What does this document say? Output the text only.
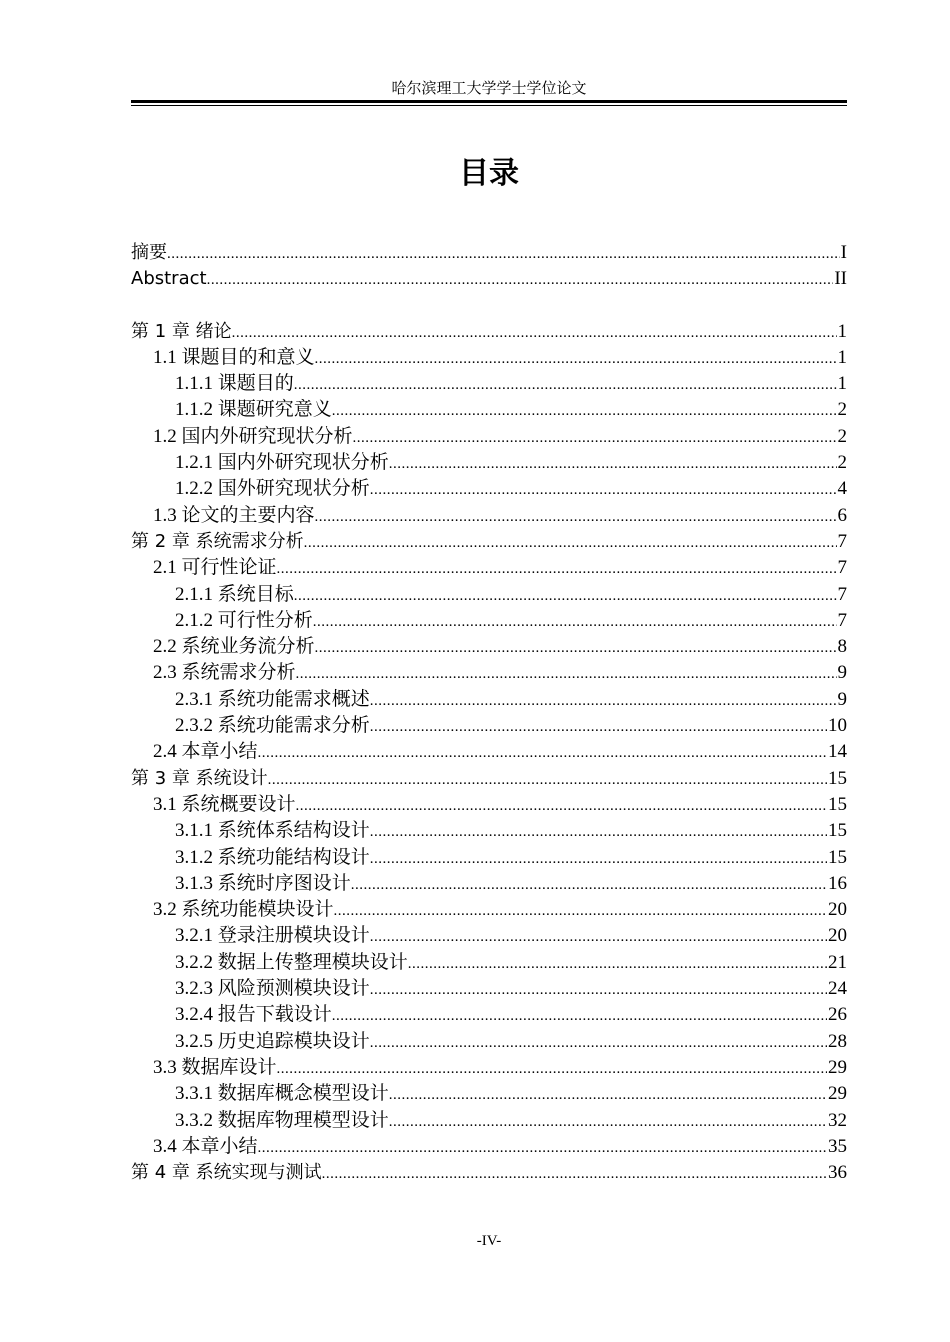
哈尔滨理工大学学士学位论文
目录
摘要 .....	I
Abstract .....	II
第 1 章 绪论 .....	1
1.1 课题目的和意义 .....	1
1.1.1 课题目的 .....	1
1.1.2 课题研究意义 .....	2
1.2 国内外研究现状分析 .....	2
1.2.1 国内外研究现状分析 .....	2
1.2.2 国外研究现状分析 .....	4
1.3 论文的主要内容 .....	6
第 2 章 系统需求分析 .....	7
2.1 可行性论证 .....	7
2.1.1 系统目标 .....	7
2.1.2 可行性分析 .....	7
2.2 系统业务流分析 .....	8
2.3 系统需求分析 .....	9
2.3.1 系统功能需求概述 .....	9
2.3.2 系统功能需求分析 .....	10
2.4 本章小结 .....	14
第 3 章 系统设计 .....	15
3.1 系统概要设计 .....	15
3.1.1 系统体系结构设计 .....	15
3.1.2 系统功能结构设计 .....	15
3.1.3 系统时序图设计 .....	16
3.2 系统功能模块设计 .....	20
3.2.1 登录注册模块设计 .....	20
3.2.2 数据上传整理模块设计 .....	21
3.2.3 风险预测模块设计 .....	24
3.2.4 报告下载设计 .....	26
3.2.5 历史追踪模块设计 .....	28
3.3 数据库设计 .....	29
3.3.1 数据库概念模型设计 .....	29
3.3.2 数据库物理模型设计 .....	32
3.4 本章小结 .....	35
第 4 章 系统实现与测试 .....	36
-IV-
